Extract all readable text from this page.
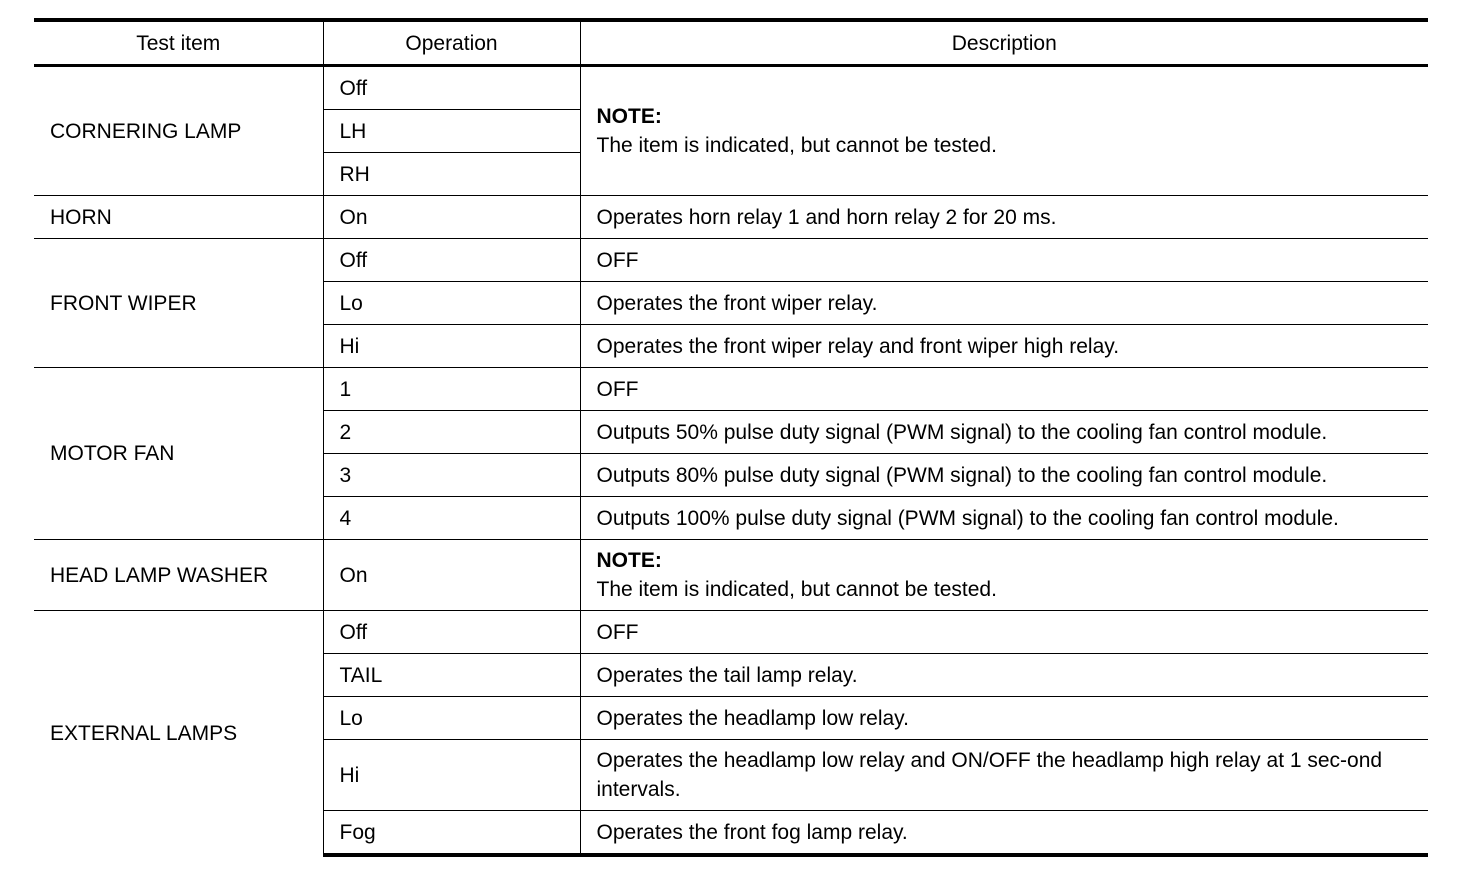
Test item	Operation	Description
CORNERING LAMP	Off	NOTE:
The item is indicated, but cannot be tested.
	LH	
	RH	
HORN	On	Operates horn relay 1 and horn relay 2 for 20 ms.
FRONT WIPER	Off	OFF
	Lo	Operates the front wiper relay.
	Hi	Operates the front wiper relay and front wiper high relay.
MOTOR FAN	1	OFF
	2	Outputs 50% pulse duty signal (PWM signal) to the cooling fan control module.
	3	Outputs 80% pulse duty signal (PWM signal) to the cooling fan control module.
	4	Outputs 100% pulse duty signal (PWM signal) to the cooling fan control module.
HEAD LAMP WASHER	On	NOTE:
The item is indicated, but cannot be tested.
EXTERNAL LAMPS	Off	OFF
	TAIL	Operates the tail lamp relay.
	Lo	Operates the headlamp low relay.
	Hi	Operates the headlamp low relay and ON/OFF the headlamp high relay at 1 sec-ond intervals.
	Fog	Operates the front fog lamp relay.
